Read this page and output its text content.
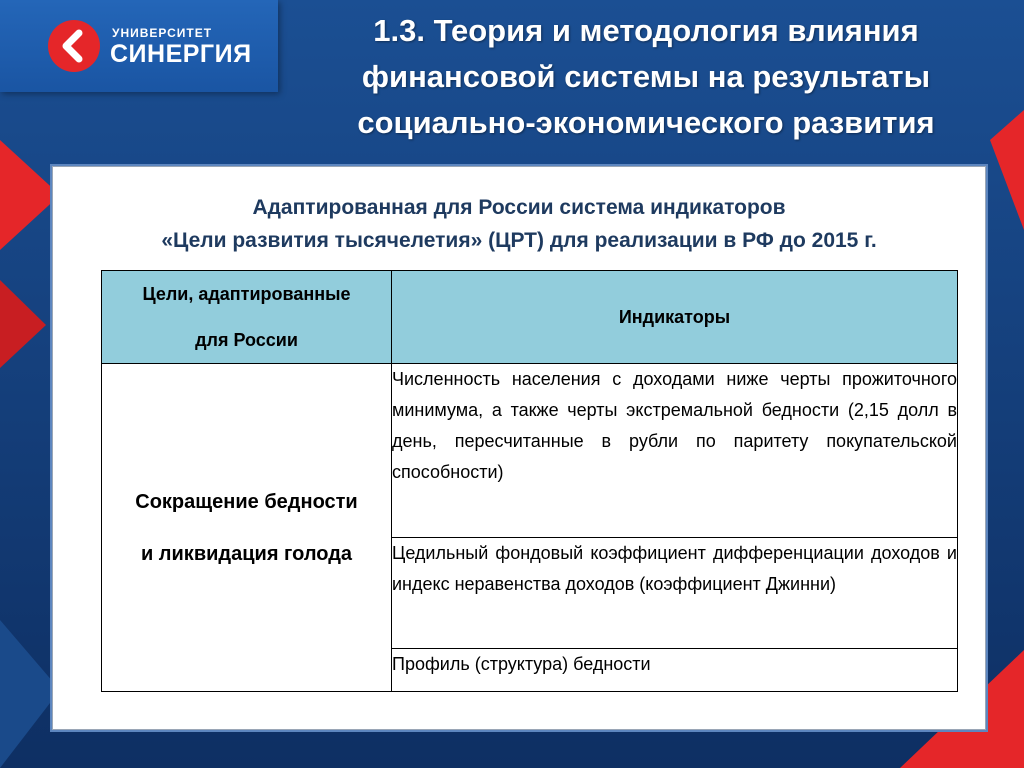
УНИВЕРСИТЕТ
СИНЕРГИЯ
1.3. Теория и методология влияния
финансовой системы на результаты
социально-экономического развития
Адаптированная для России система индикаторов
«Цели развития тысячелетия» (ЦРТ) для реализации в РФ до 2015 г.
Цели, адаптированные
для России	Индикаторы

Сокращение бедности
и ликвидация голода	Численность населения с доходами ниже черты прожиточного минимума, а также черты экстремальной бедности (2,15 долл в день, пересчитанные в рубли по паритету покупательской способности)
	Цедильный фондовый коэффициент дифференциации доходов и индекс неравенства доходов (коэффициент Джинни)
	Профиль (структура) бедности
